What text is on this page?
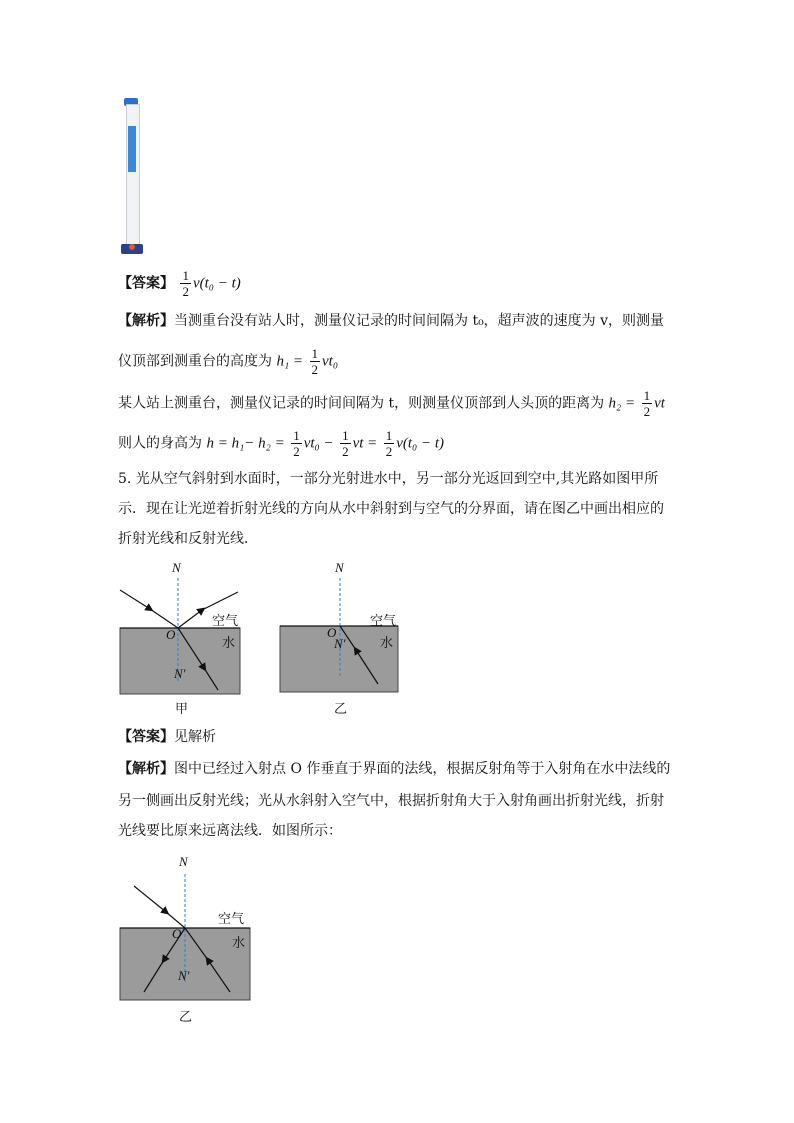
【答案】 $\frac{1}{2} v(t_0 - t)$
【解析】当测重台没有站人时，测量仪记录的时间间隔为 t₀，超声波的速度为 v，则测量
仪顶部到测重台的高度为 $h_1 = \frac{1}{2} vt_0$
某人站上测重台，测量仪记录的时间间隔为 t，则测量仪顶部到人头顶的距离为 $h_2 = \frac{1}{2}$ vt
则人的身高为 $h = h_1- h_2 = \frac{1}{2} vt_0 - \frac{1}{2}$ vt = $\frac{1}{2} v(t_0 - t)$
5. 光从空气斜射到水面时，一部分光射进水中，另一部分光返回到空中,其光路如图甲所
示．现在让光逆着折射光线的方向从水中斜射到与空气的分界面，请在图乙中画出相应的
折射光线和反射光线．
N
O
N′
空气
水
甲
N
O
N′
空气
水
乙
【答案】见解析
【解析】图中已经过入射点 O 作垂直于界面的法线，根据反射角等于入射角在水中法线的
另一侧画出反射光线；光从水斜射入空气中，根据折射角大于入射角画出折射光线，折射
光线要比原来远离法线．如图所示：
N
O
N′
空气
水
乙
